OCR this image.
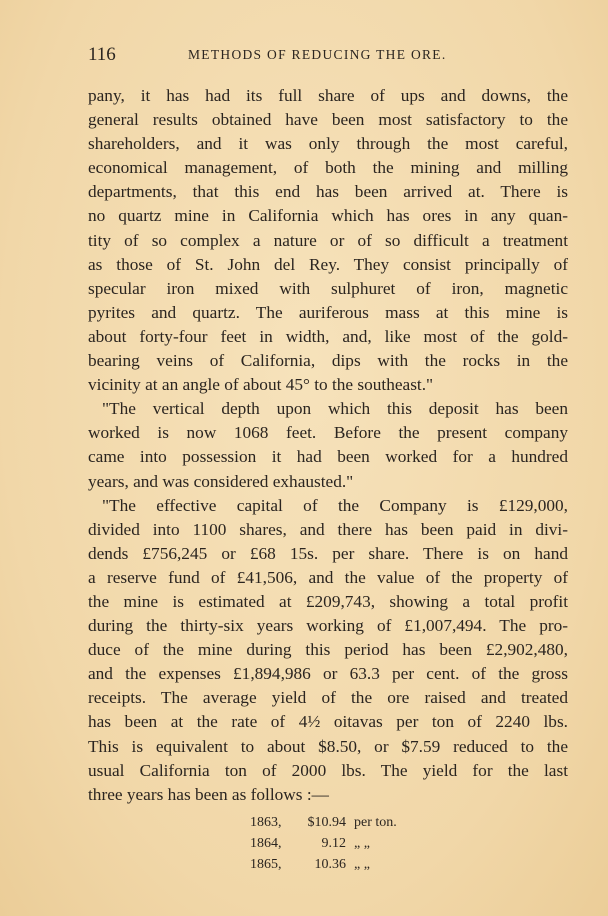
116	METHODS OF REDUCING THE ORE.
pany, it has had its full share of ups and downs, the
general results obtained have been most satisfactory to the
shareholders, and it was only through the most careful,
economical management, of both the mining and milling
departments, that this end has been arrived at. There is
no quartz mine in California which has ores in any quan-
tity of so complex a nature or of so difficult a treatment
as those of St. John del Rey. They consist principally of
specular iron mixed with sulphuret of iron, magnetic
pyrites and quartz. The auriferous mass at this mine is
about forty-four feet in width, and, like most of the gold-
bearing veins of California, dips with the rocks in the
vicinity at an angle of about 45° to the southeast."
"The vertical depth upon which this deposit has been
worked is now 1068 feet. Before the present company
came into possession it had been worked for a hundred
years, and was considered exhausted."
"The effective capital of the Company is £129,000,
divided into 1100 shares, and there has been paid in divi-
dends £756,245 or £68 15s. per share. There is on hand
a reserve fund of £41,506, and the value of the property of
the mine is estimated at £209,743, showing a total profit
during the thirty-six years working of £1,007,494. The pro-
duce of the mine during this period has been £2,902,480,
and the expenses £1,894,986 or 63.3 per cent. of the gross
receipts. The average yield of the ore raised and treated
has been at the rate of 4½ oitavas per ton of 2240 lbs.
This is equivalent to about $8.50, or $7.59 reduced to the
usual California ton of 2000 lbs. The yield for the last
three years has been as follows :—
1863,	$10.94 per ton.
1864,	9.12 „ „
1865,	10.36 „ „
